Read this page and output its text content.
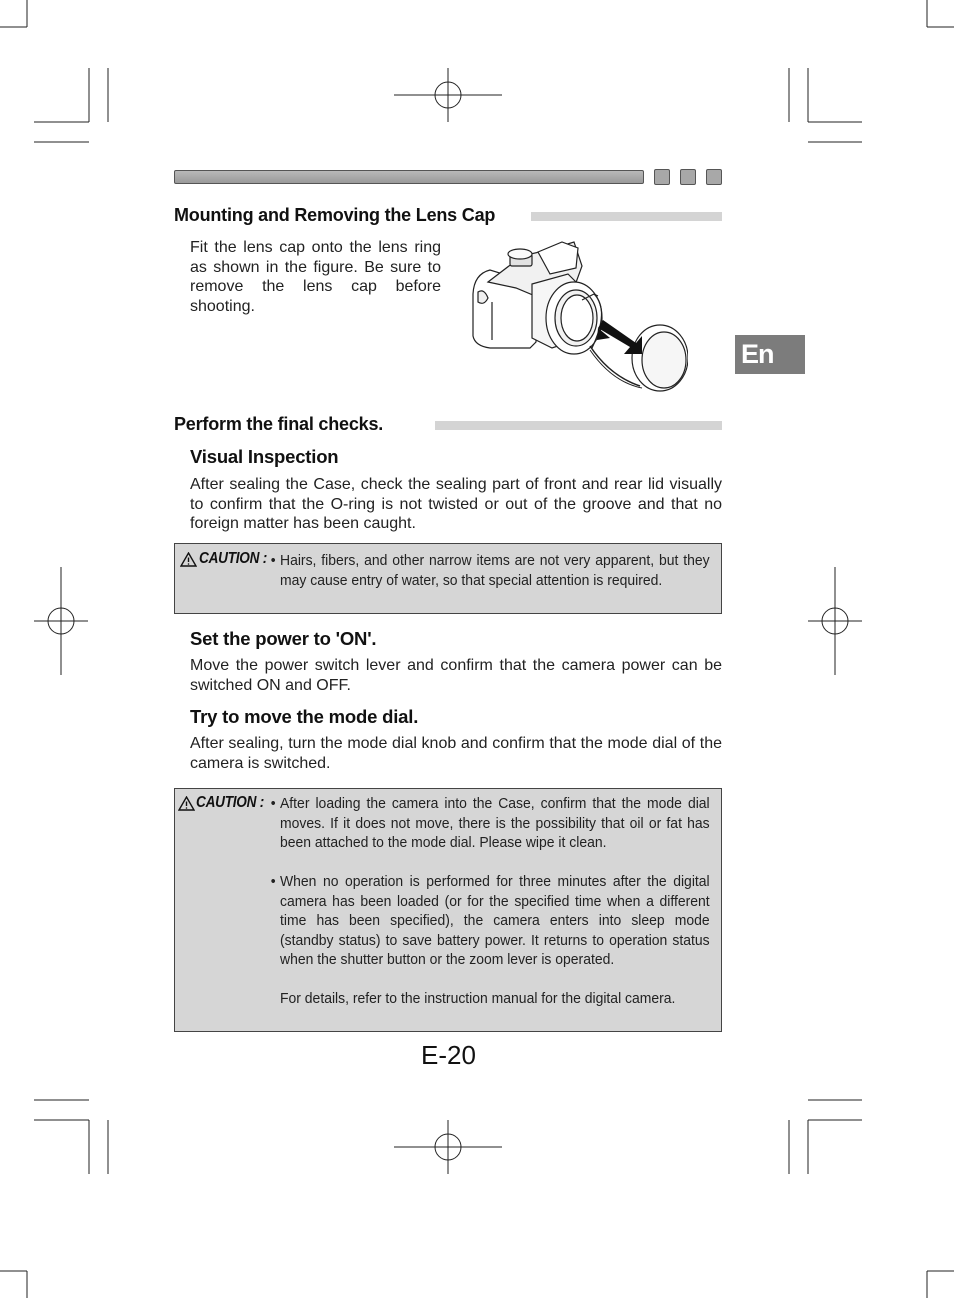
Mounting and Removing the Lens Cap
Fit the lens cap onto the lens ring as shown in the figure. Be sure to remove the lens cap before shooting.
Perform the final checks.
Visual Inspection
After sealing the Case, check the sealing part of front and rear lid visually to confirm that the O-ring is not twisted or out of the groove and that no foreign matter has been caught.
CAUTION : • Hairs, fibers, and other narrow items are not very apparent, but they may cause entry of water, so that special attention is required.
Set the power to 'ON'.
Move the power switch lever and confirm that the camera power can be switched ON and OFF.
Try to move the mode dial.
After sealing, turn the mode dial knob and confirm that the mode dial of the camera is switched.
CAUTION : • After loading the camera into the Case, confirm that the mode dial moves. If it does not move, there is the possibility that oil or fat has been attached to the mode dial. Please wipe it clean.
• When no operation is performed for three minutes after the digital camera has been loaded (or for the specified time when a different time has been specified), the camera enters into sleep mode (standby status) to save battery power. It returns to operation status when the shutter button or the zoom lever is operated.
For details, refer to the instruction manual for the digital camera.
En
E-20
